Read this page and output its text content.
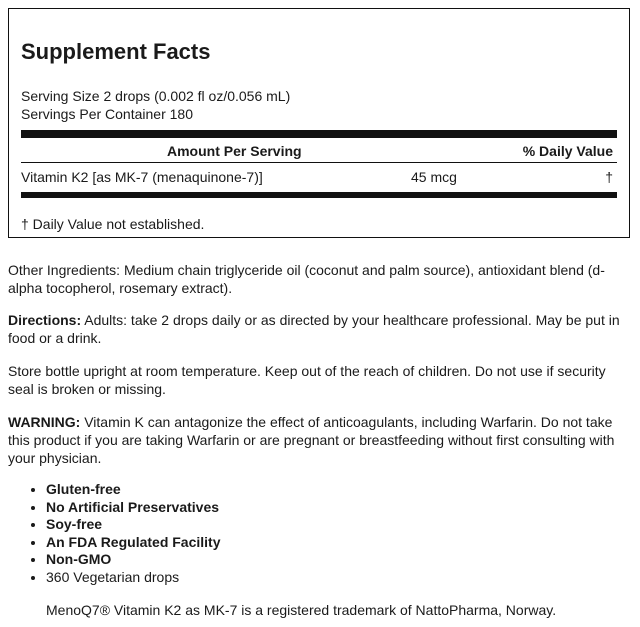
Supplement Facts
Serving Size 2 drops (0.002 fl oz/0.056 mL)
Servings Per Container 180
Amount Per Serving	% Daily Value
Vitamin K2 [as MK-7 (menaquinone-7)]	45 mcg	†
† Daily Value not established.
Other Ingredients: Medium chain triglyceride oil (coconut and palm source), antioxidant blend (d-alpha tocopherol, rosemary extract).
Directions: Adults: take 2 drops daily or as directed by your healthcare professional. May be put in food or a drink.
Store bottle upright at room temperature. Keep out of the reach of children. Do not use if security seal is broken or missing.
WARNING: Vitamin K can antagonize the effect of anticoagulants, including Warfarin. Do not take this product if you are taking Warfarin or are pregnant or breastfeeding without first consulting with your physician.
• Gluten-free
• No Artificial Preservatives
• Soy-free
• An FDA Regulated Facility
• Non-GMO
• 360 Vegetarian drops
MenoQ7® Vitamin K2 as MK-7 is a registered trademark of NattoPharma, Norway.
